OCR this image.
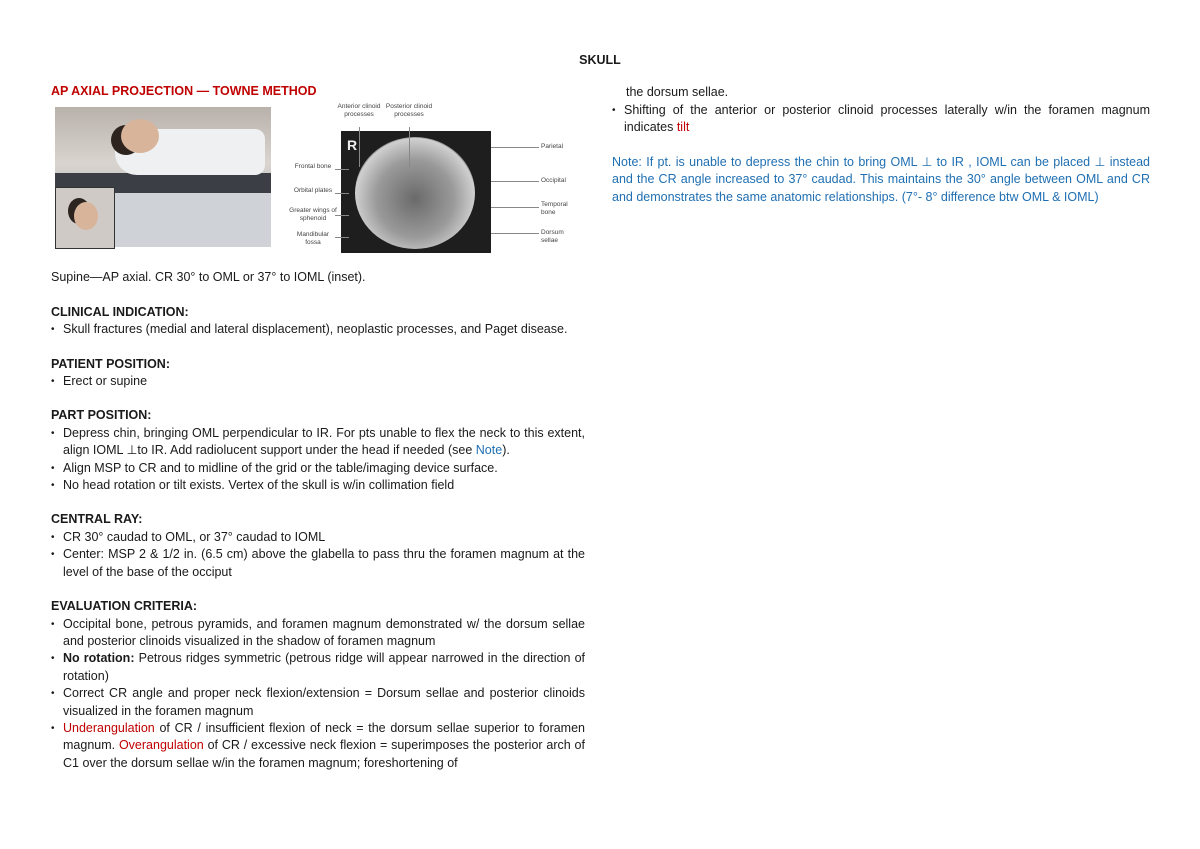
SKULL
AP AXIAL PROJECTION — TOWNE METHOD
Anterior clinoid processes
Posterior clinoid processes
R
Frontal bone
Orbital plates
Greater wings of sphenoid
Mandibular fossa
Parietal
Occipital
Temporal bone
Dorsum sellae
Supine—AP axial. CR 30° to OML or 37° to IOML (inset).
CLINICAL INDICATION:
• Skull fractures (medial and lateral displacement), neoplastic processes, and Paget disease.
PATIENT POSITION:
• Erect or supine
PART POSITION:
• Depress chin, bringing OML perpendicular to IR. For pts unable to flex the neck to this extent, align IOML ⊥to IR. Add radiolucent support under the head if needed (see Note).
• Align MSP to CR and to midline of the grid or the table/imaging device surface.
• No head rotation or tilt exists. Vertex of the skull is w/in collimation field
CENTRAL RAY:
• CR 30° caudad to OML, or 37° caudad to IOML
• Center: MSP 2 & 1/2 in. (6.5 cm) above the glabella to pass thru the foramen magnum at the level of the base of the occiput
EVALUATION CRITERIA:
• Occipital bone, petrous pyramids, and foramen magnum demonstrated w/ the dorsum sellae and posterior clinoids visualized in the shadow of foramen magnum
• No rotation: Petrous ridges symmetric (petrous ridge will appear narrowed in the direction of rotation)
• Correct CR angle and proper neck flexion/extension = Dorsum sellae and posterior clinoids visualized in the foramen magnum
• Underangulation of CR / insufficient flexion of neck = the dorsum sellae superior to foramen magnum. Overangulation of CR / excessive neck flexion = superimposes the posterior arch of C1 over the dorsum sellae w/in the foramen magnum; foreshortening of
the dorsum sellae.
• Shifting of the anterior or posterior clinoid processes laterally w/in the foramen magnum indicates tilt
Note: If pt. is unable to depress the chin to bring OML ⊥ to IR , IOML can be placed ⊥ instead and the CR angle increased to 37° caudad. This maintains the 30° angle between OML and CR and demonstrates the same anatomic relationships. (7°- 8° difference btw OML & IOML)
